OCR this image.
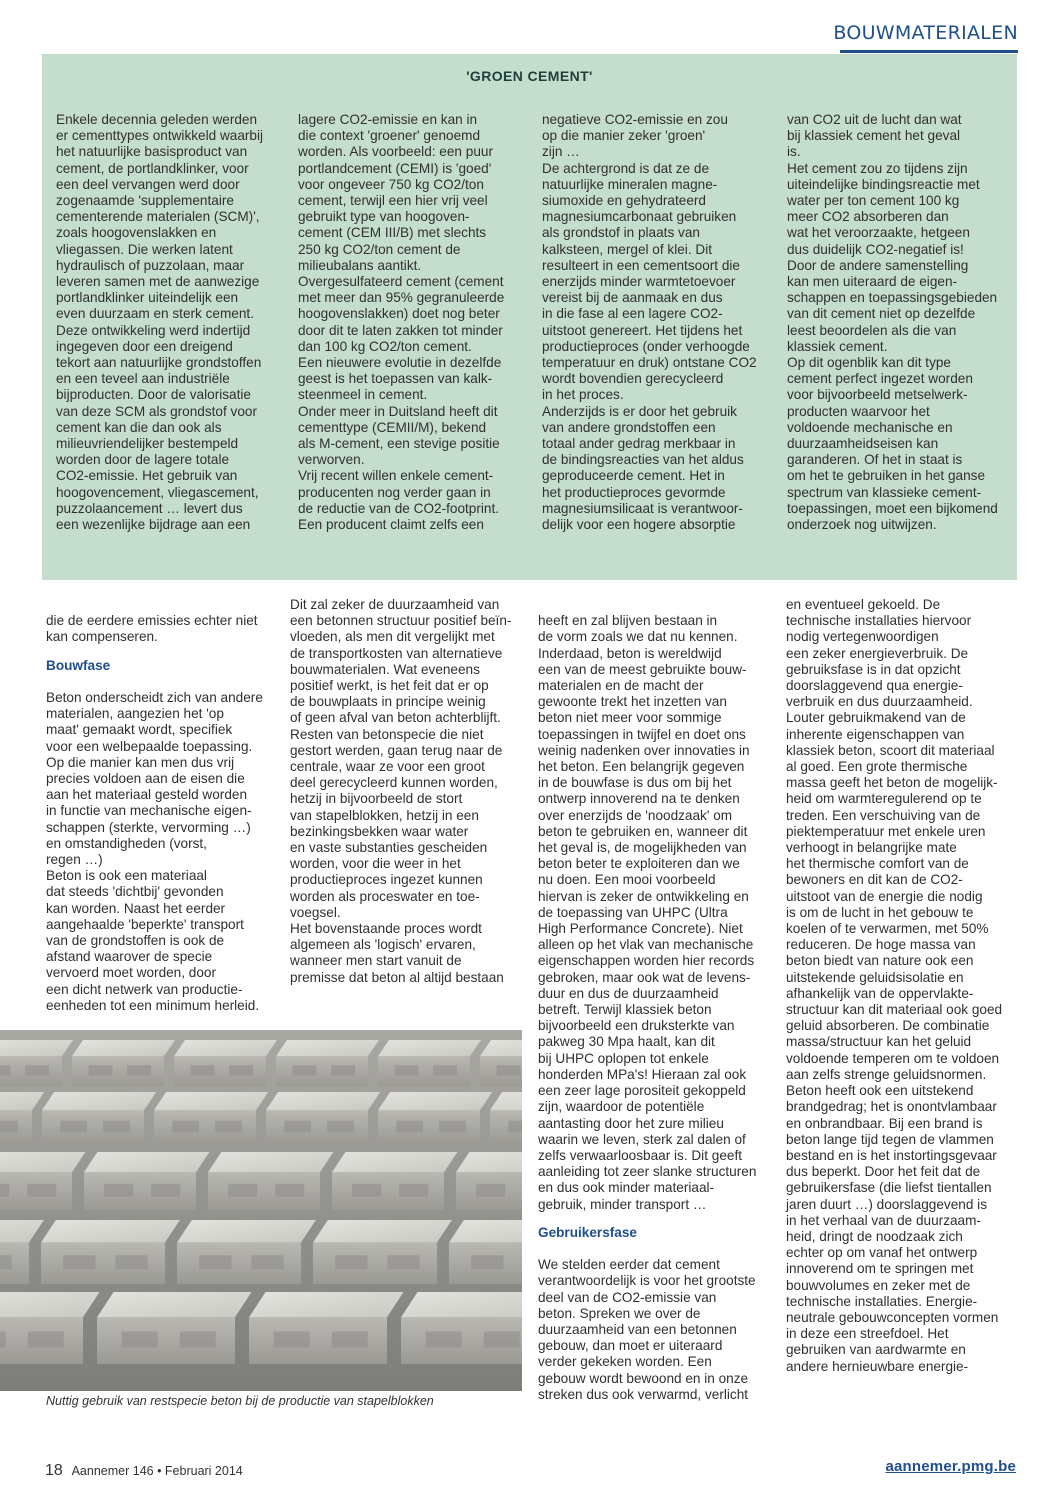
BOUWMATERIALEN
'GROEN CEMENT'
Enkele decennia geleden werden
er cementtypes ontwikkeld waarbij
het natuurlijke basisproduct van
cement, de portlandklinker, voor
een deel vervangen werd door
zogenaamde 'supplementaire
cementerende materialen (SCM)',
zoals hoogovenslakken en
vliegassen. Die werken latent
hydraulisch of puzzolaan, maar
leveren samen met de aanwezige
portlandklinker uiteindelijk een
even duurzaam en sterk cement.
Deze ontwikkeling werd indertijd
ingegeven door een dreigend
tekort aan natuurlijke grondstoffen
en een teveel aan industriële
bijproducten. Door de valorisatie
van deze SCM als grondstof voor
cement kan die dan ook als
milieuvriendelijker bestempeld
worden door de lagere totale
CO2-emissie. Het gebruik van
hoogovencement, vliegascement,
puzzolaancement … levert dus
een wezenlijke bijdrage aan een
lagere CO2-emissie en kan in
die context 'groener' genoemd
worden. Als voorbeeld: een puur
portlandcement (CEMI) is 'goed'
voor ongeveer 750 kg CO2/ton
cement, terwijl een hier vrij veel
gebruikt type van hoogoven-
cement (CEM III/B) met slechts
250 kg CO2/ton cement de
milieubalans aantikt.
Overgesulfateerd cement (cement
met meer dan 95% gegranuleerde
hoogovenslakken) doet nog beter
door dit te laten zakken tot minder
dan 100 kg CO2/ton cement.
Een nieuwere evolutie in dezelfde
geest is het toepassen van kalk-
steenmeel in cement.
Onder meer in Duitsland heeft dit
cementtype (CEMII/M), bekend
als M-cement, een stevige positie
verworven.
Vrij recent willen enkele cement-
producenten nog verder gaan in
de reductie van de CO2-footprint.
Een producent claimt zelfs een
negatieve CO2-emissie en zou
op die manier zeker 'groen'
zijn …
De achtergrond is dat ze de
natuurlijke mineralen magne-
siumoxide en gehydrateerd
magnesiumcarbonaat gebruiken
als grondstof in plaats van
kalksteen, mergel of klei. Dit
resulteert in een cementsoort die
enerzijds minder warmtetoevoer
vereist bij de aanmaak en dus
in die fase al een lagere CO2-
uitstoot genereert. Het tijdens het
productieproces (onder verhoogde
temperatuur en druk) ontstane CO2
wordt bovendien gerecycleerd
in het proces.
Anderzijds is er door het gebruik
van andere grondstoffen een
totaal ander gedrag merkbaar in
de bindingsreacties van het aldus
geproduceerde cement. Het in
het productieproces gevormde
magnesiumsilicaat is verantwoor-
delijk voor een hogere absorptie
van CO2 uit de lucht dan wat
bij klassiek cement het geval
is.
Het cement zou zo tijdens zijn
uiteindelijke bindingsreactie met
water per ton cement 100 kg
meer CO2 absorberen dan
wat het veroorzaakte, hetgeen
dus duidelijk CO2-negatief is!
Door de andere samenstelling
kan men uiteraard de eigen-
schappen en toepassingsgebieden
van dit cement niet op dezelfde
leest beoordelen als die van
klassiek cement.
Op dit ogenblik kan dit type
cement perfect ingezet worden
voor bijvoorbeeld metselwerk-
producten waarvoor het
voldoende mechanische en
duurzaamheidseisen kan
garanderen. Of het in staat is
om het te gebruiken in het ganse
spectrum van klassieke cement-
toepassingen, moet een bijkomend
onderzoek nog uitwijzen.

die de eerdere emissies echter niet
kan compenseren.

Bouwfase

Beton onderscheidt zich van andere
materialen, aangezien het 'op
maat' gemaakt wordt, specifiek
voor een welbepaalde toepassing.
Op die manier kan men dus vrij
precies voldoen aan de eisen die
aan het materiaal gesteld worden
in functie van mechanische eigen-
schappen (sterkte, vervorming …)
en omstandigheden (vorst,
regen …)
Beton is ook een materiaal
dat steeds 'dichtbij' gevonden
kan worden. Naast het eerder
aangehaalde 'beperkte' transport
van de grondstoffen is ook de
afstand waarover de specie
vervoerd moet worden, door
een dicht netwerk van productie-
eenheden tot een minimum herleid.

Dit zal zeker de duurzaamheid van
een betonnen structuur positief beïn-
vloeden, als men dit vergelijkt met
de transportkosten van alternatieve
bouwmaterialen. Wat eveneens
positief werkt, is het feit dat er op
de bouwplaats in principe weinig
of geen afval van beton achterblijft.
Resten van betonspecie die niet
gestort werden, gaan terug naar de
centrale, waar ze voor een groot
deel gerecycleerd kunnen worden,
hetzij in bijvoorbeeld de stort
van stapelblokken, hetzij in een
bezinkingsbekken waar water
en vaste substanties gescheiden
worden, voor die weer in het
productieproces ingezet kunnen
worden als proceswater en toe-
voegsel.
Het bovenstaande proces wordt
algemeen als 'logisch' ervaren,
wanneer men start vanuit de
premisse dat beton al altijd bestaan

heeft en zal blijven bestaan in
de vorm zoals we dat nu kennen.
Inderdaad, beton is wereldwijd
een van de meest gebruikte bouw-
materialen en de macht der
gewoonte trekt het inzetten van
beton niet meer voor sommige
toepassingen in twijfel en doet ons
weinig nadenken over innovaties in
het beton. Een belangrijk gegeven
in de bouwfase is dus om bij het
ontwerp innoverend na te denken
over enerzijds de 'noodzaak' om
beton te gebruiken en, wanneer dit
het geval is, de mogelijkheden van
beton beter te exploiteren dan we
nu doen. Een mooi voorbeeld
hiervan is zeker de ontwikkeling en
de toepassing van UHPC (Ultra
High Performance Concrete). Niet
alleen op het vlak van mechanische
eigenschappen worden hier records
gebroken, maar ook wat de levens-
duur en dus de duurzaamheid
betreft. Terwijl klassiek beton
bijvoorbeeld een druksterkte van
pakweg 30 Mpa haalt, kan dit
bij UHPC oplopen tot enkele
honderden MPa's! Hieraan zal ook
een zeer lage porositeit gekoppeld
zijn, waardoor de potentiële
aantasting door het zure milieu
waarin we leven, sterk zal dalen of
zelfs verwaarloosbaar is. Dit geeft
aanleiding tot zeer slanke structuren
en dus ook minder materiaal-
gebruik, minder transport …

Gebruikersfase

We stelden eerder dat cement
verantwoordelijk is voor het grootste
deel van de CO2-emissie van
beton. Spreken we over de
duurzaamheid van een betonnen
gebouw, dan moet er uiteraard
verder gekeken worden. Een
gebouw wordt bewoond en in onze
streken dus ook verwarmd, verlicht

en eventueel gekoeld. De
technische installaties hiervoor
nodig vertegenwoordigen
een zeker energieverbruik. De
gebruiksfase is in dat opzicht
doorslaggevend qua energie-
verbruik en dus duurzaamheid.
Louter gebruikmakend van de
inherente eigenschappen van
klassiek beton, scoort dit materiaal
al goed. Een grote thermische
massa geeft het beton de mogelijk-
heid om warmteregulerend op te
treden. Een verschuiving van de
piektemperatuur met enkele uren
verhoogt in belangrijke mate
het thermische comfort van de
bewoners en dit kan de CO2-
uitstoot van de energie die nodig
is om de lucht in het gebouw te
koelen of te verwarmen, met 50%
reduceren. De hoge massa van
beton biedt van nature ook een
uitstekende geluidsisolatie en
afhankelijk van de oppervlakte-
structuur kan dit materiaal ook goed
geluid absorberen. De combinatie
massa/structuur kan het geluid
voldoende temperen om te voldoen
aan zelfs strenge geluidsnormen.
Beton heeft ook een uitstekend
brandgedrag; het is onontvlambaar
en onbrandbaar. Bij een brand is
beton lange tijd tegen de vlammen
bestand en is het instortingsgevaar
dus beperkt. Door het feit dat de
gebruikersfase (die liefst tientallen
jaren duurt …) doorslaggevend is
in het verhaal van de duurzaam-
heid, dringt de noodzaak zich
echter op om vanaf het ontwerp
innoverend om te springen met
bouwvolumes en zeker met de
technische installaties. Energie-
neutrale gebouwconcepten vormen
in deze een streefdoel. Het
gebruiken van aardwarmte en
andere hernieuwbare energie-
Nuttig gebruik van restspecie beton bij de productie van stapelblokken
18 Aannemer 146 • Februari 2014	aannemer.pmg.be
